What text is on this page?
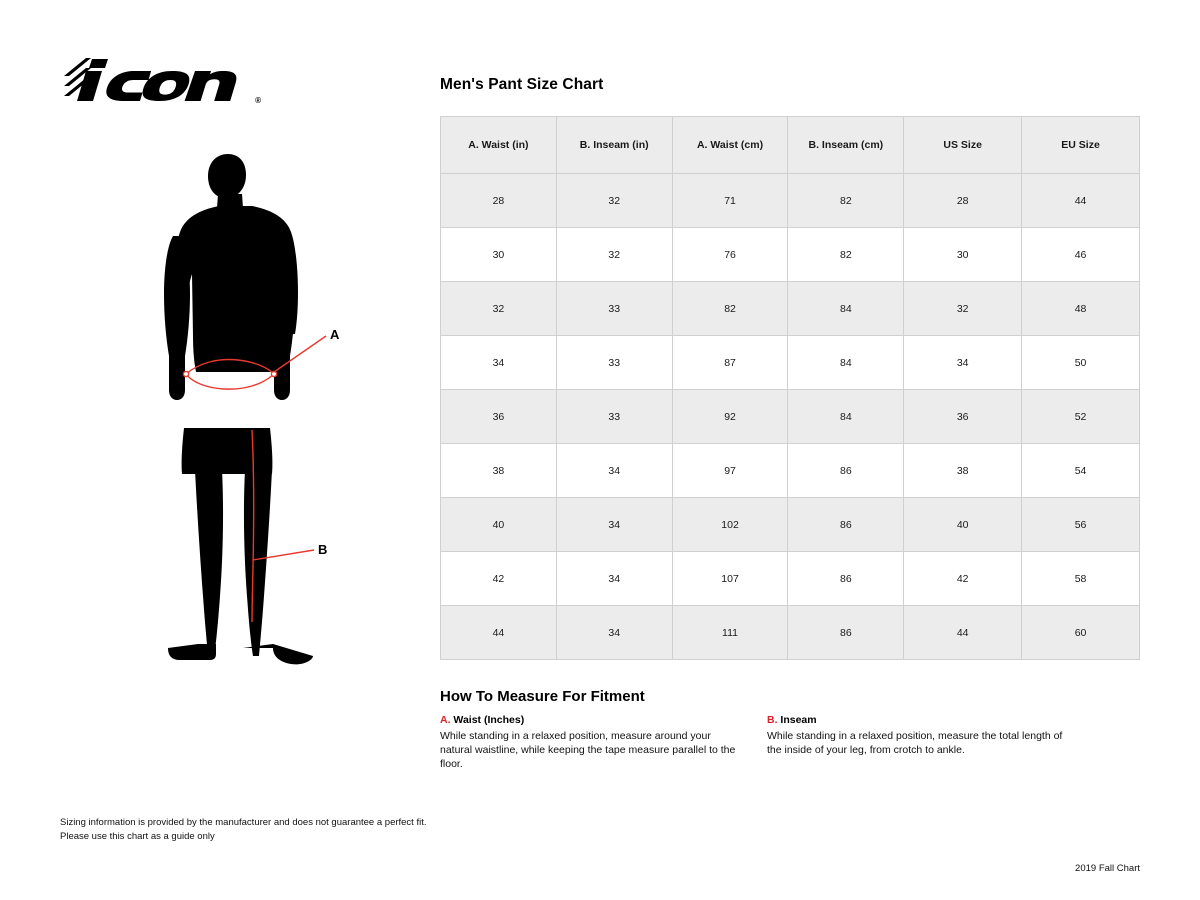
®
A
B
Men's Pant Size Chart
A. Waist (in)	B. Inseam (in)	A. Waist (cm)	B. Inseam (cm)	US Size	EU Size
28	32	71	82	28	44
30	32	76	82	30	46
32	33	82	84	32	48
34	33	87	84	34	50
36	33	92	84	36	52
38	34	97	86	38	54
40	34	102	86	40	56
42	34	107	86	42	58
44	34	111	86	44	60
How To Measure For Fitment
A. Waist (Inches)
While standing in a relaxed position, measure around your natural waistline, while keeping the tape measure parallel to the floor.
B. Inseam
While standing in a relaxed position, measure the total length of the inside of your leg, from crotch to ankle.
Sizing information is provided by the manufacturer and does not guarantee a perfect fit.
Please use this chart as a guide only
2019 Fall Chart
